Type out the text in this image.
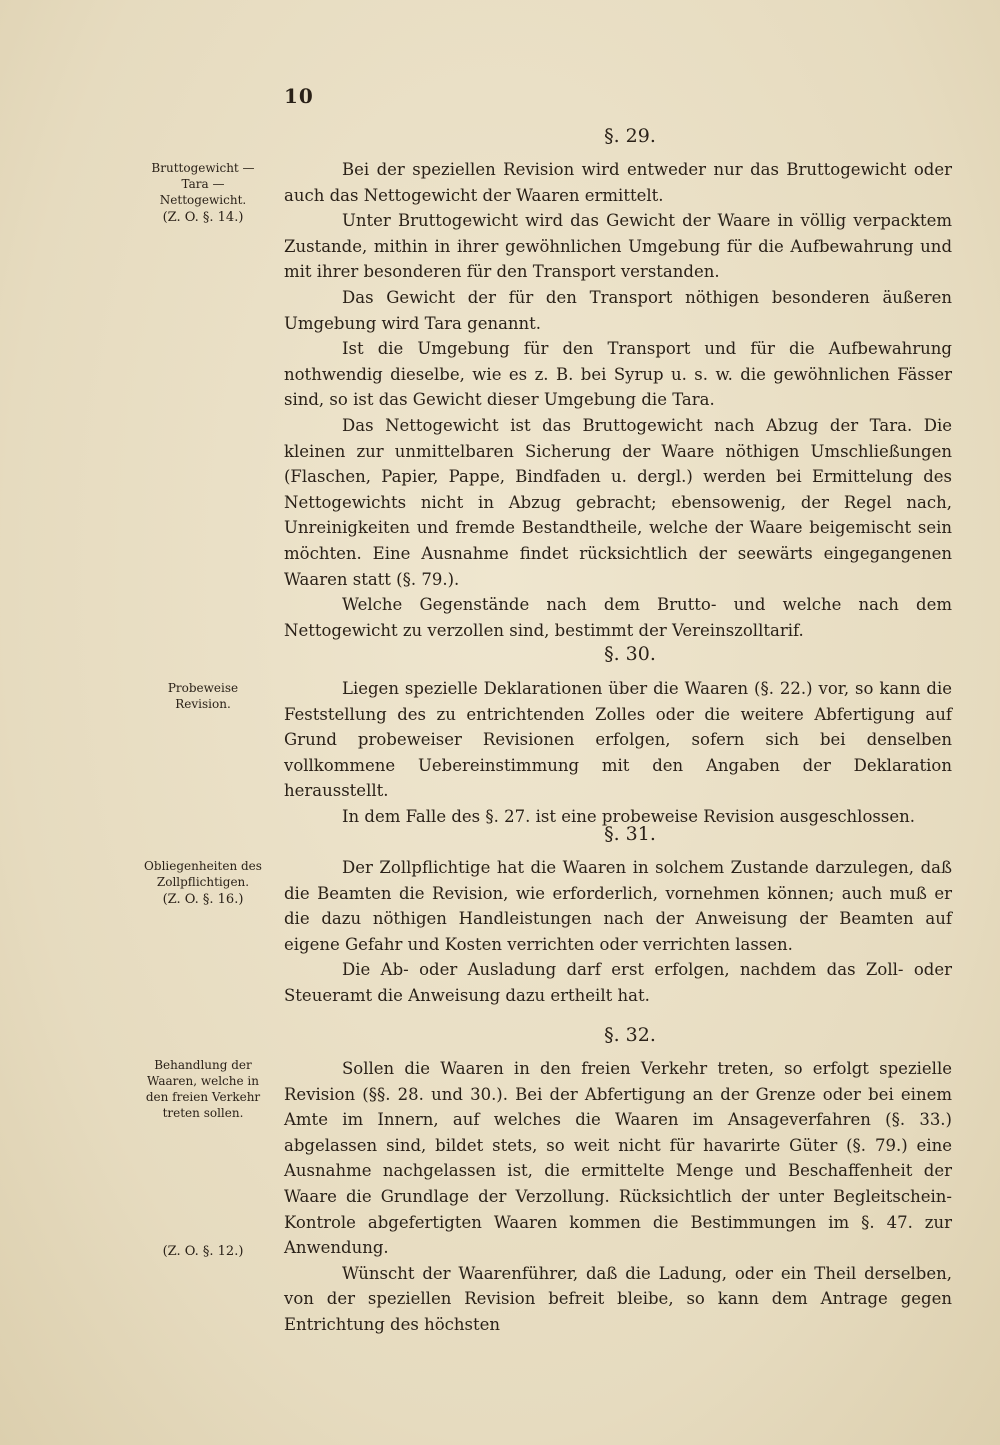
10
§. 29.
Bruttogewicht — Tara — Nettogewicht.
(Z. O. §. 14.)

Bei der speziellen Revision wird entweder nur das Bruttogewicht oder auch das Nettogewicht der Waaren ermittelt.

Unter Bruttogewicht wird das Gewicht der Waare in völlig verpacktem Zustande, mithin in ihrer gewöhnlichen Umgebung für die Aufbewahrung und mit ihrer besonderen für den Transport verstanden.

Das Gewicht der für den Transport nöthigen besonderen äußeren Umgebung wird Tara genannt.

Ist die Umgebung für den Transport und für die Aufbewahrung nothwendig dieselbe, wie es z. B. bei Syrup u. s. w. die gewöhnlichen Fässer sind, so ist das Gewicht dieser Umgebung die Tara.

Das Nettogewicht ist das Bruttogewicht nach Abzug der Tara. Die kleinen zur unmittelbaren Sicherung der Waare nöthigen Umschließungen (Flaschen, Papier, Pappe, Bindfaden u. dergl.) werden bei Ermittelung des Nettogewichts nicht in Abzug gebracht; ebensowenig, der Regel nach, Unreinigkeiten und fremde Bestandtheile, welche der Waare beigemischt sein möchten. Eine Ausnahme findet rücksichtlich der seewärts eingegangenen Waaren statt (§. 79.).

Welche Gegenstände nach dem Brutto- und welche nach dem Nettogewicht zu verzollen sind, bestimmt der Vereinszolltarif.

§. 30.
Probeweise Revision.

Liegen spezielle Deklarationen über die Waaren (§. 22.) vor, so kann die Feststellung des zu entrichtenden Zolles oder die weitere Abfertigung auf Grund probeweiser Revisionen erfolgen, sofern sich bei denselben vollkommene Uebereinstimmung mit den Angaben der Deklaration herausstellt.

In dem Falle des §. 27. ist eine probeweise Revision ausgeschlossen.

§. 31.
Obliegenheiten des Zollpflichtigen.
(Z. O. §. 16.)

Der Zollpflichtige hat die Waaren in solchem Zustande darzulegen, daß die Beamten die Revision, wie erforderlich, vornehmen können; auch muß er die dazu nöthigen Handleistungen nach der Anweisung der Beamten auf eigene Gefahr und Kosten verrichten oder verrichten lassen.

Die Ab- oder Ausladung darf erst erfolgen, nachdem das Zoll- oder Steueramt die Anweisung dazu ertheilt hat.

§. 32.
Behandlung der Waaren, welche in den freien Verkehr treten sollen.
(Z. O. §. 12.)

Sollen die Waaren in den freien Verkehr treten, so erfolgt spezielle Revision (§§. 28. und 30.). Bei der Abfertigung an der Grenze oder bei einem Amte im Innern, auf welches die Waaren im Ansageverfahren (§. 33.) abgelassen sind, bildet stets, so weit nicht für havarirte Güter (§. 79.) eine Ausnahme nachgelassen ist, die ermittelte Menge und Beschaffenheit der Waare die Grundlage der Verzollung. Rücksichtlich der unter Begleitschein-Kontrole abgefertigten Waaren kommen die Bestimmungen im §. 47. zur Anwendung.

Wünscht der Waarenführer, daß die Ladung, oder ein Theil derselben, von der speziellen Revision befreit bleibe, so kann dem Antrage gegen Entrichtung des höchsten
